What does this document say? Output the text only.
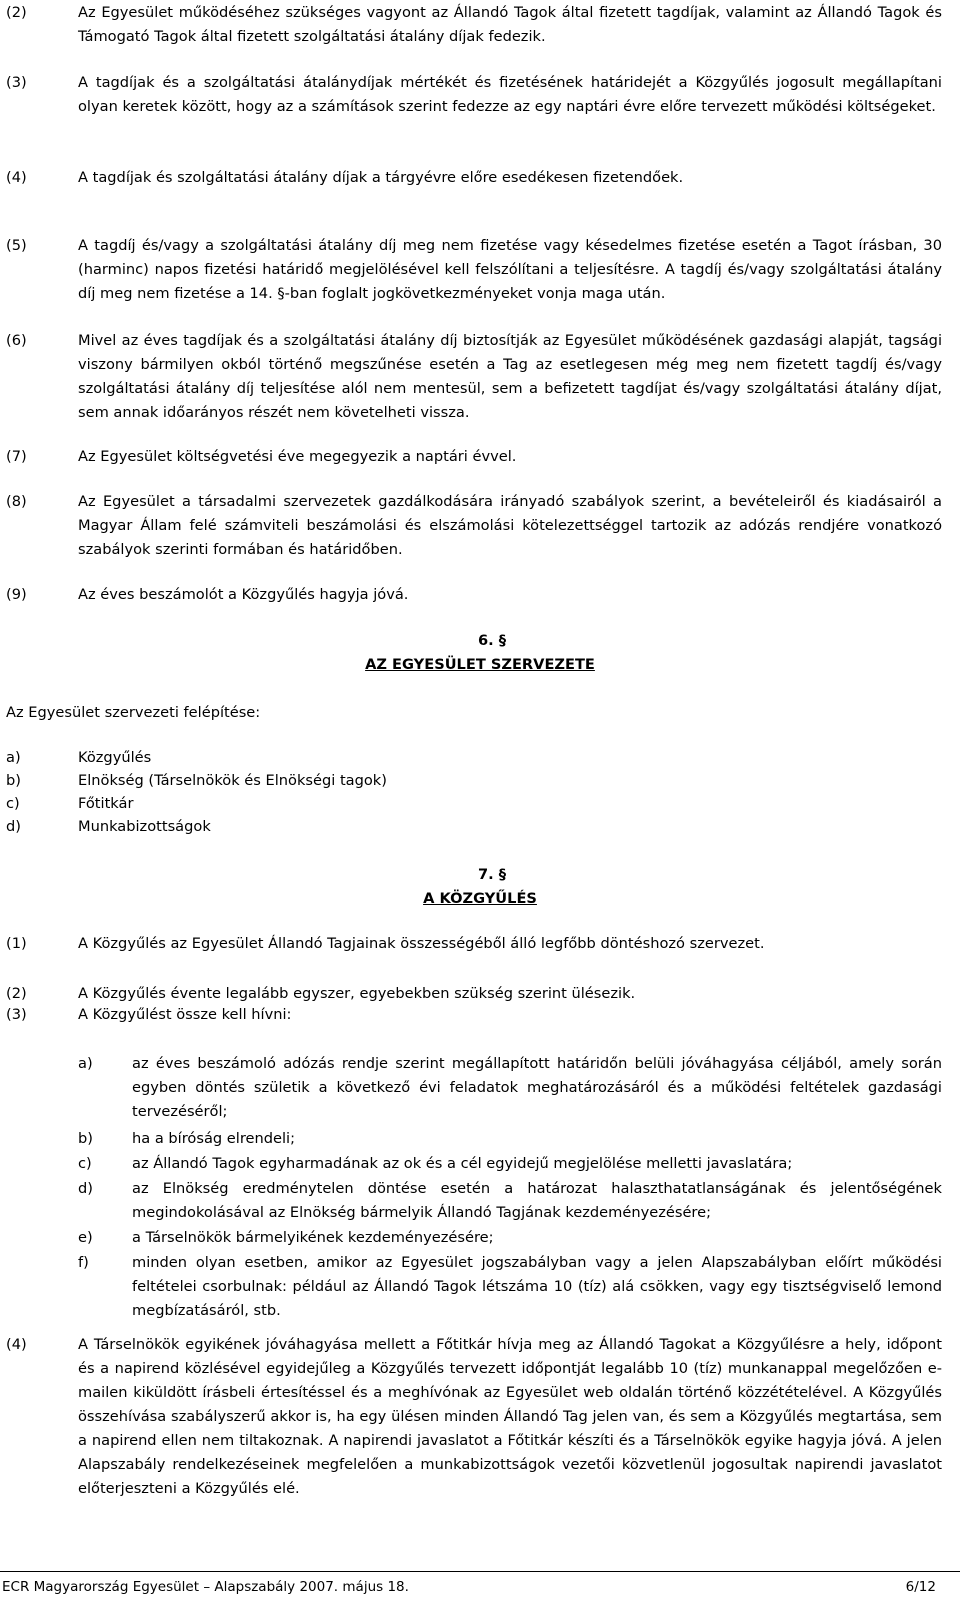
(2)	Az Egyesület működéséhez szükséges vagyont az Állandó Tagok által fizetett tagdíjak, valamint az Állandó Tagok és Támogató Tagok által fizetett szolgáltatási átalány díjak fedezik.
(3)	A tagdíjak és a szolgáltatási átalánydíjak mértékét és fizetésének határidejét a Közgyűlés jogosult megállapítani olyan keretek között, hogy az a számítások szerint fedezze az egy naptári évre előre tervezett működési költségeket.
(4)	A tagdíjak és szolgáltatási átalány díjak a tárgyévre előre esedékesen fizetendőek.
(5)	A tagdíj és/vagy a szolgáltatási átalány díj meg nem fizetése vagy késedelmes fizetése esetén a Tagot írásban, 30 (harminc) napos fizetési határidő megjelölésével kell felszólítani a teljesítésre. A tagdíj és/vagy szolgáltatási átalány díj meg nem fizetése a 14. §-ban foglalt jogkövetkezményeket vonja maga után.
(6)	Mivel az éves tagdíjak és a szolgáltatási átalány díj biztosítják az Egyesület működésének gazdasági alapját, tagsági viszony bármilyen okból történő megszűnése esetén a Tag az esetlegesen még meg nem fizetett tagdíj és/vagy szolgáltatási átalány díj teljesítése alól nem mentesül, sem a befizetett tagdíjat és/vagy szolgáltatási átalány díjat, sem annak időarányos részét nem követelheti vissza.
(7)	Az Egyesület költségvetési éve megegyezik a naptári évvel.
(8)	Az Egyesület a társadalmi szervezetek gazdálkodására irányadó szabályok szerint, a bevételeiről és kiadásairól a Magyar Állam felé számviteli beszámolási és elszámolási kötelezettséggel tartozik az adózás rendjére vonatkozó szabályok szerinti formában és határidőben.
(9)	Az éves beszámolót a Közgyűlés hagyja jóvá.
6. §
AZ EGYESÜLET SZERVEZETE
Az Egyesület szervezeti felépítése:
a)	Közgyűlés
b)	Elnökség (Társelnökök és Elnökségi tagok)
c)	Főtitkár
d)	Munkabizottságok
7. §
A KÖZGYŰLÉS
(1)	A Közgyűlés az Egyesület Állandó Tagjainak összességéből álló legfőbb döntéshozó szervezet.
(2)	A Közgyűlés évente legalább egyszer, egyebekben szükség szerint ülésezik.
(3)	A Közgyűlést össze kell hívni:
a)	az éves beszámoló adózás rendje szerint megállapított határidőn belüli jóváhagyása céljából, amely során egyben döntés születik a következő évi feladatok meghatározásáról és a működési feltételek gazdasági tervezéséről;
b)	ha a bíróság elrendeli;
c)	az Állandó Tagok egyharmadának az ok és a cél egyidejű megjelölése melletti javaslatára;
d)	az Elnökség eredménytelen döntése esetén a határozat halaszthatatlanságának és jelentőségének megindokolásával az Elnökség bármelyik Állandó Tagjának kezdeményezésére;
e)	a Társelnökök bármelyikének kezdeményezésére;
f)	minden olyan esetben, amikor az Egyesület jogszabályban vagy a jelen Alapszabályban előírt működési feltételei csorbulnak: például az Állandó Tagok létszáma 10 (tíz) alá csökken, vagy egy tisztségviselő lemond megbízatásáról, stb.
(4)	A Társelnökök egyikének jóváhagyása mellett a Főtitkár hívja meg az Állandó Tagokat a Közgyűlésre a hely, időpont és a napirend közlésével egyidejűleg a Közgyűlés tervezett időpontját legalább 10 (tíz) munkanappal megelőzően e-mailen kiküldött írásbeli értesítéssel és a meghívónak az Egyesület web oldalán történő közzétételével. A Közgyűlés összehívása szabályszerű akkor is, ha egy ülésen minden Állandó Tag jelen van, és sem a Közgyűlés megtartása, sem a napirend ellen nem tiltakoznak. A napirendi javaslatot a Főtitkár készíti és a Társelnökök egyike hagyja jóvá. A jelen Alapszabály rendelkezéseinek megfelelően a munkabizottságok vezetői közvetlenül jogosultak napirendi javaslatot előterjeszteni a Közgyűlés elé.
ECR Magyarország Egyesület – Alapszabály 2007. május 18.	6/12
